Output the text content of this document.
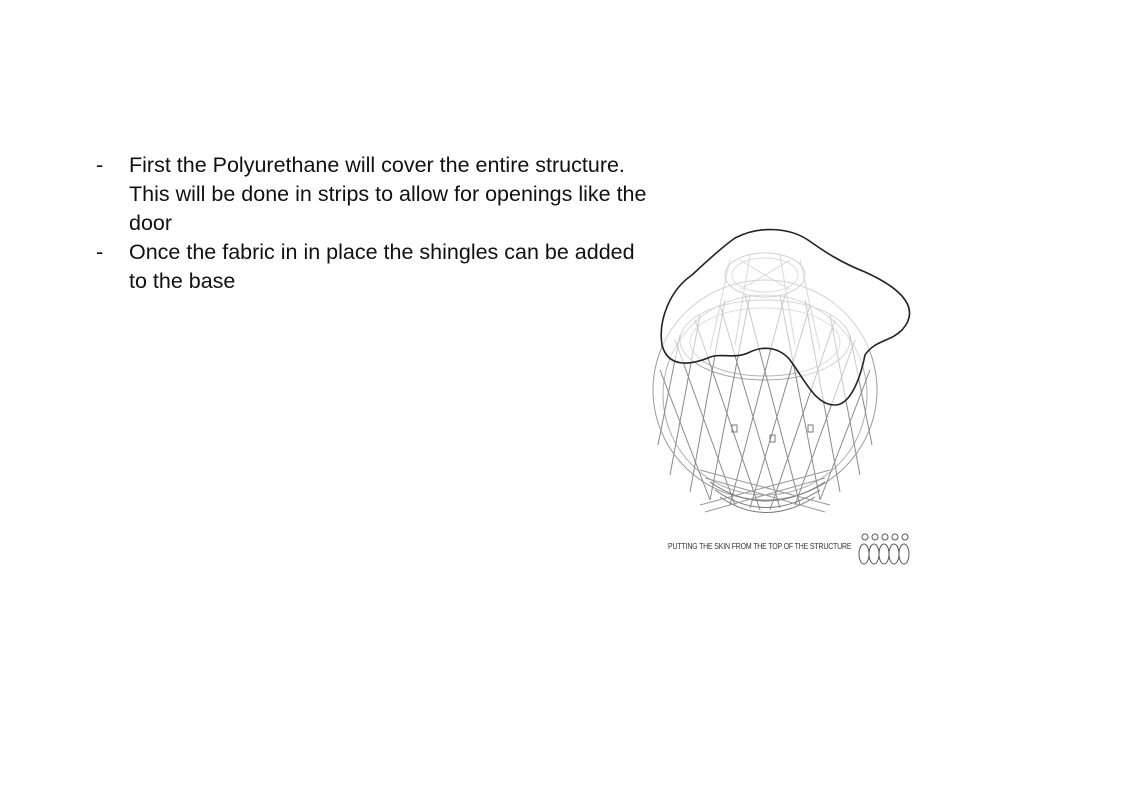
- First the Polyurethane will cover the entire structure. This will be done in strips to allow for openings like the door
- Once the fabric in in place the shingles can be added to the base
PUTTING THE SKIN FROM THE TOP OF THE STRUCTURE
